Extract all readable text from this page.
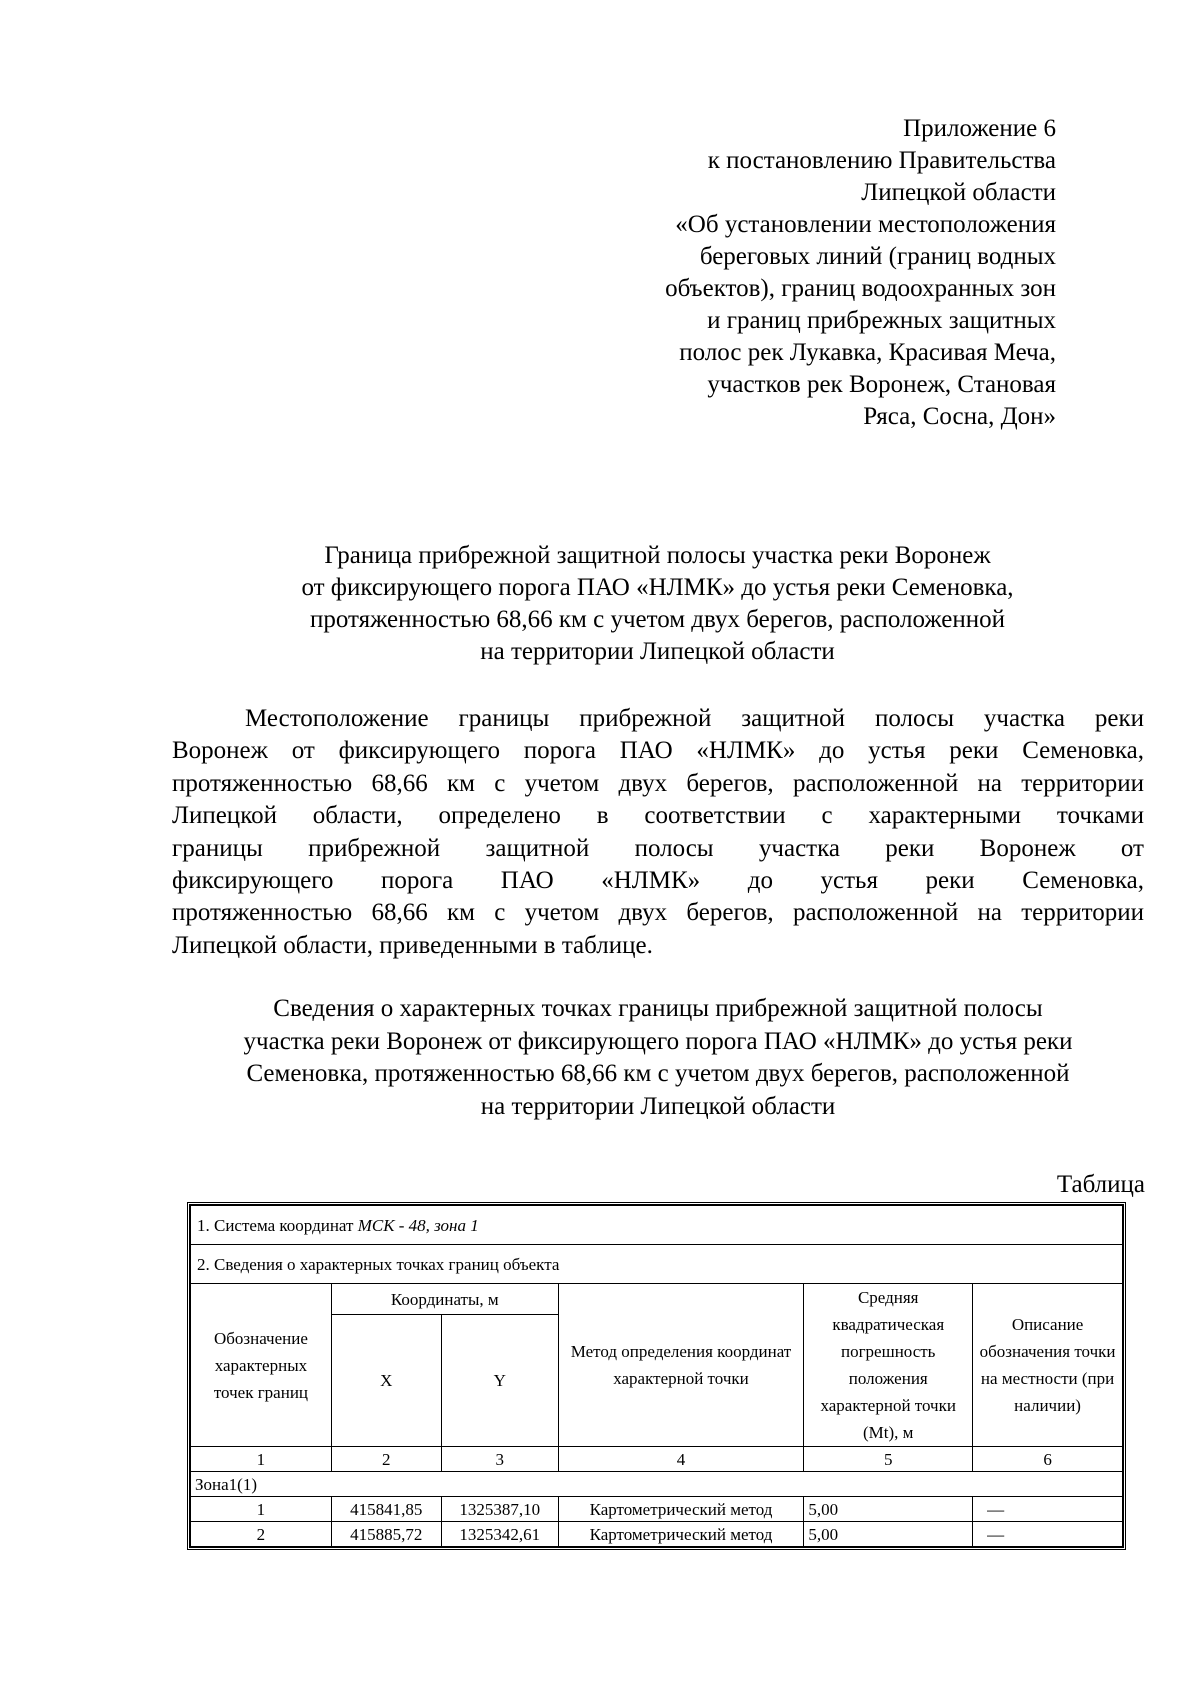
Приложение 6
к постановлению Правительства
Липецкой области
«Об установлении местоположения
береговых линий (границ водных
объектов), границ водоохранных зон
и границ прибрежных защитных
полос рек Лукавка, Красивая Меча,
участков рек Воронеж, Становая
Ряса, Сосна, Дон»
Граница прибрежной защитной полосы участка реки Воронеж
от фиксирующего порога ПАО «НЛМК» до устья реки Семеновка,
протяженностью 68,66 км с учетом двух берегов, расположенной
на территории Липецкой области
Местоположение границы прибрежной защитной полосы участка реки
Воронеж от фиксирующего порога ПАО «НЛМК» до устья реки Семеновка,
протяженностью 68,66 км с учетом двух берегов, расположенной на территории
Липецкой области, определено в соответствии с характерными точками
границы прибрежной защитной полосы участка реки Воронеж от
фиксирующего порога ПАО «НЛМК» до устья реки Семеновка,
протяженностью 68,66 км с учетом двух берегов, расположенной на территории
Липецкой области, приведенными в таблице.
Сведения о характерных точках границы прибрежной защитной полосы
участка реки Воронеж от фиксирующего порога ПАО «НЛМК» до устья реки
Семеновка, протяженностью 68,66 км с учетом двух берегов, расположенной
на территории Липецкой области
Таблица
1. Система координат МСК - 48, зона 1					
2. Сведения о характерных точках границ объекта					
Обозначение характерных точек границ	Координаты, м		Метод определения координат характерной точки	Средняя квадратическая погрешность положения характерной точки (Mt), м	Описание обозначения точки на местности (при наличии)
	X	Y			
1	2	3	4	5	6
Зона1(1)					
1	415841,85	1325387,10	Картометрический метод	5,00	—
2	415885,72	1325342,61	Картометрический метод	5,00	—
